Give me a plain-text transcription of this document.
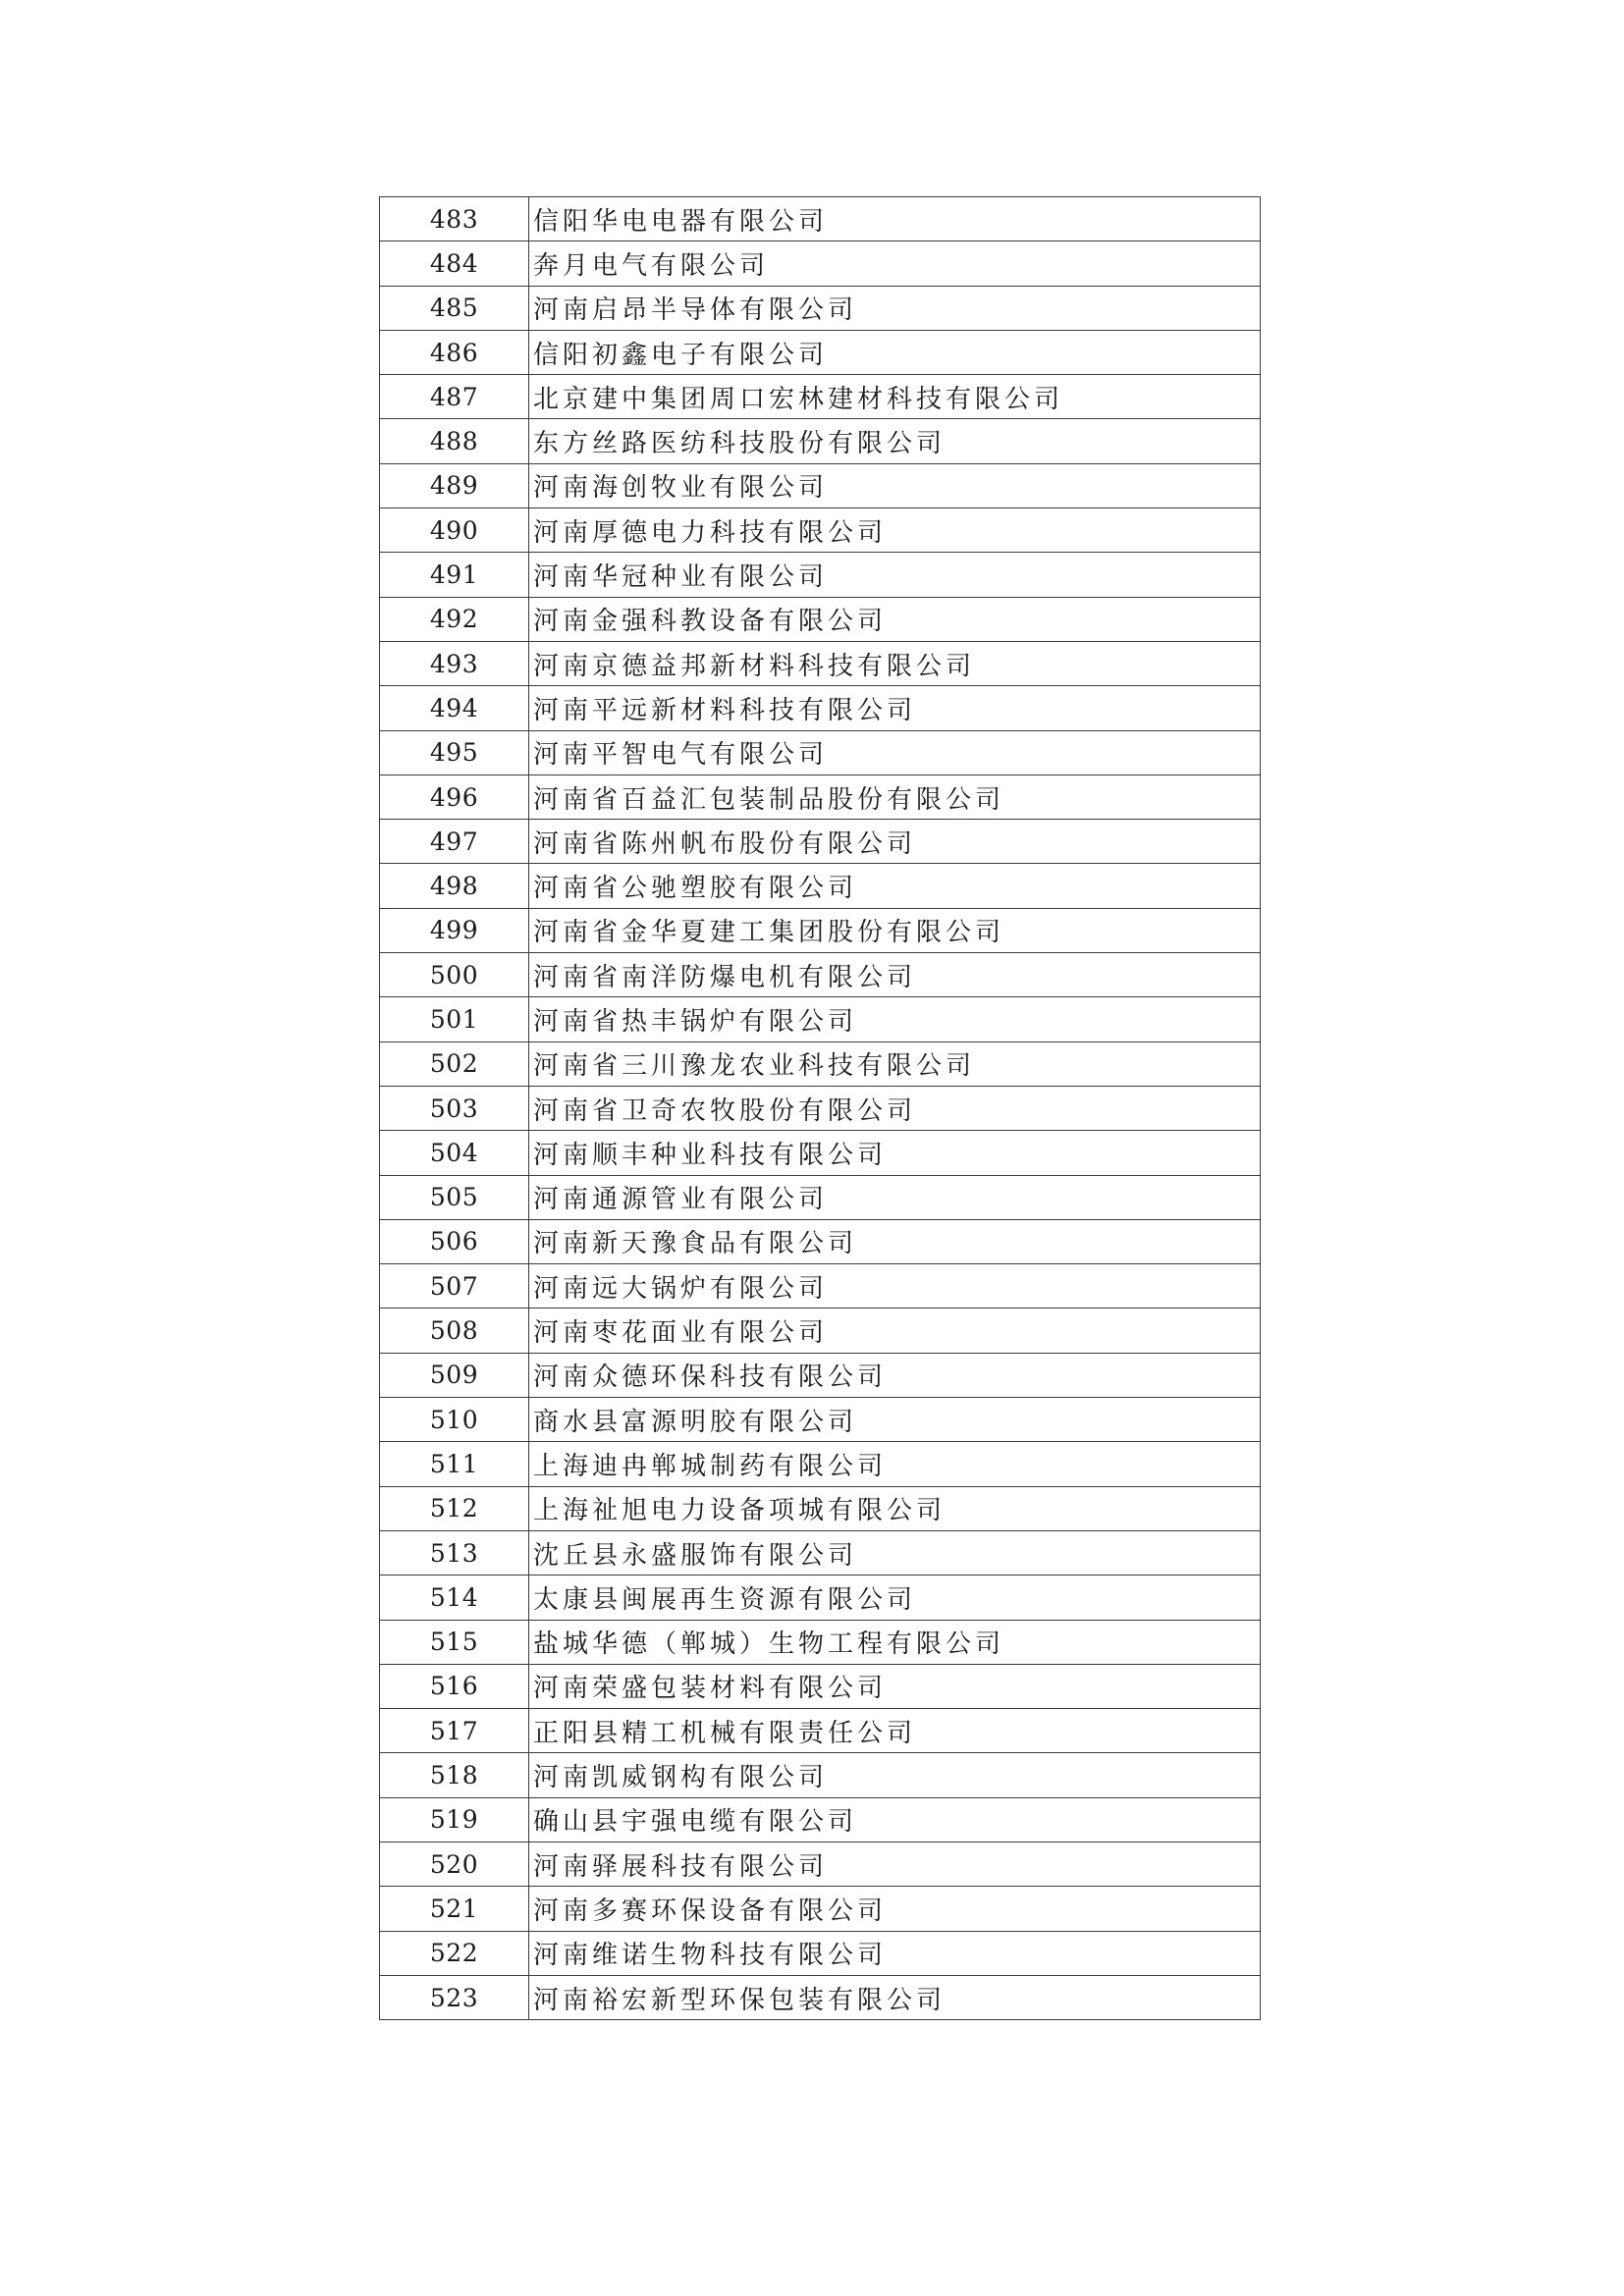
483	信阳华电电器有限公司
484	奔月电气有限公司
485	河南启昂半导体有限公司
486	信阳初鑫电子有限公司
487	北京建中集团周口宏林建材科技有限公司
488	东方丝路医纺科技股份有限公司
489	河南海创牧业有限公司
490	河南厚德电力科技有限公司
491	河南华冠种业有限公司
492	河南金强科教设备有限公司
493	河南京德益邦新材料科技有限公司
494	河南平远新材料科技有限公司
495	河南平智电气有限公司
496	河南省百益汇包装制品股份有限公司
497	河南省陈州帆布股份有限公司
498	河南省公驰塑胶有限公司
499	河南省金华夏建工集团股份有限公司
500	河南省南洋防爆电机有限公司
501	河南省热丰锅炉有限公司
502	河南省三川豫龙农业科技有限公司
503	河南省卫奇农牧股份有限公司
504	河南顺丰种业科技有限公司
505	河南通源管业有限公司
506	河南新天豫食品有限公司
507	河南远大锅炉有限公司
508	河南枣花面业有限公司
509	河南众德环保科技有限公司
510	商水县富源明胶有限公司
511	上海迪冉郸城制药有限公司
512	上海祉旭电力设备项城有限公司
513	沈丘县永盛服饰有限公司
514	太康县闽展再生资源有限公司
515	盐城华德（郸城）生物工程有限公司
516	河南荣盛包装材料有限公司
517	正阳县精工机械有限责任公司
518	河南凯威钢构有限公司
519	确山县宇强电缆有限公司
520	河南驿展科技有限公司
521	河南多赛环保设备有限公司
522	河南维诺生物科技有限公司
523	河南裕宏新型环保包装有限公司
